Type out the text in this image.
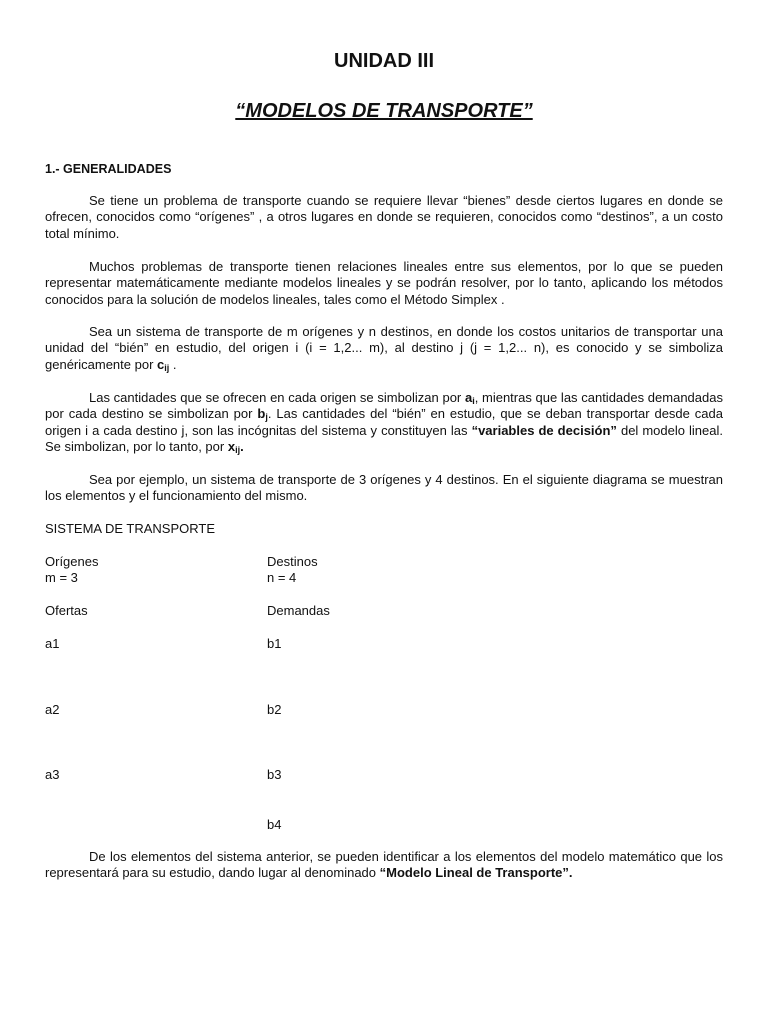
UNIDAD III
“MODELOS DE TRANSPORTE”
1.- GENERALIDADES

Se tiene un problema de transporte cuando se requiere llevar “bienes” desde ciertos lugares en donde se ofrecen, conocidos como “orígenes” , a otros lugares en donde se requieren, conocidos como “destinos”, a un costo total mínimo.

Muchos problemas de transporte tienen relaciones lineales entre sus elementos, por lo que se pueden representar matemáticamente mediante modelos lineales y se podrán resolver, por lo tanto, aplicando los métodos conocidos para la solución de modelos lineales, tales como el Método Simplex .

Sea un sistema de transporte de m orígenes y n destinos, en donde los costos unitarios de transportar una unidad del “bién” en estudio, del origen i (i = 1,2... m), al destino j (j = 1,2... n), es conocido y se simboliza genéricamente por $c_{ij}$ .

Las cantidades que se ofrecen en cada origen se simbolizan por $a_i$, mientras que las cantidades demandadas por cada destino se simbolizan por $b_j$. Las cantidades del “bién” en estudio, que se deban transportar desde cada origen i a cada destino j, son las incógnitas del sistema y constituyen las “variables de decisión” del modelo lineal. Se simbolizan, por lo tanto, por $x_{ij}$.

Sea por ejemplo, un sistema de transporte de 3 orígenes y 4 destinos. En el siguiente diagrama se muestran los elementos y el funcionamiento del mismo.

SISTEMA DE TRANSPORTE

Orígenes

m = 3

Destinos

n = 4

Ofertas	Demandas

a1

a2

a3

b1

b2

b3

b4

De los elementos del sistema anterior, se pueden identificar a los elementos del modelo matemático que los representará para su estudio, dando lugar al denominado “Modelo Lineal de Transporte”.
